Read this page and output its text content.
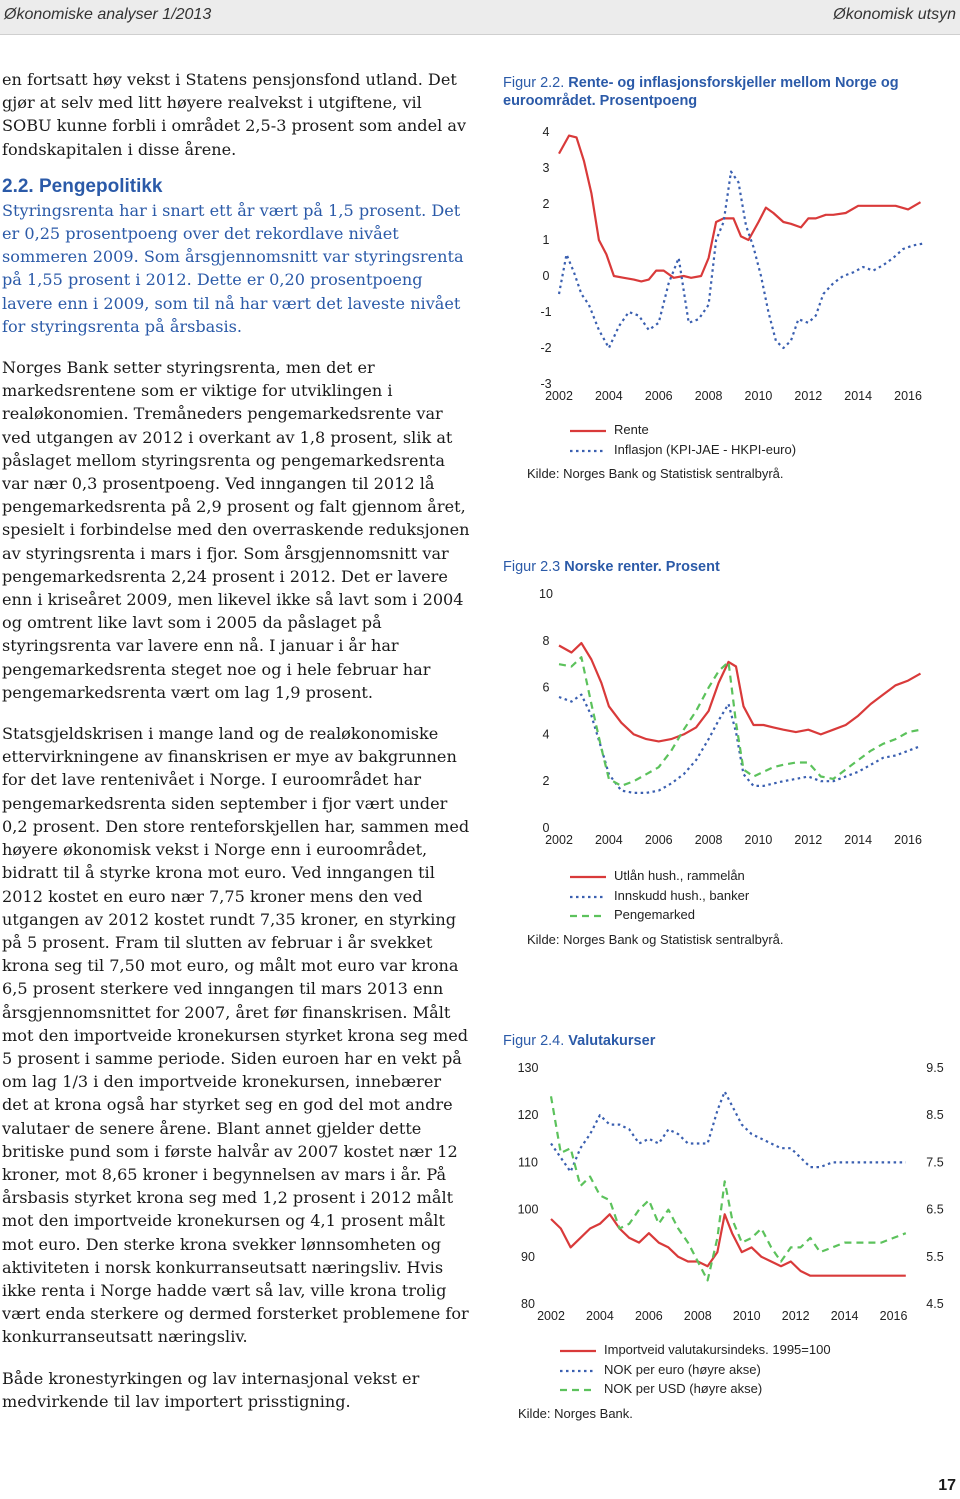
Økonomiske analyser 1/2013	Økonomisk utsyn

en fortsatt høy vekst i Statens pensjonsfond utland. Det gjør at selv med litt høyere realvekst i utgiftene, vil SOBU kunne forbli i området 2,5-3 prosent som andel av fondskapitalen i disse årene.

2.2. Pengepolitikk

Styringsrenta har i snart ett år vært på 1,5 prosent. Det er 0,25 prosentpoeng over det rekordlave nivået sommeren 2009. Som årsgjennomsnitt var styringsrenta på 1,55 prosent i 2012. Dette er 0,20 prosentpoeng lavere enn i 2009, som til nå har vært det laveste nivået for styringsrenta på årsbasis.

Norges Bank setter styringsrenta, men det er markedsrentene som er viktige for utviklingen i realøkonomien. Tremåneders pengemarkedsrente var ved utgangen av 2012 i overkant av 1,8 prosent, slik at påslaget mellom styringsrenta og pengemarkedsrenta var nær 0,3 prosentpoeng. Ved inngangen til 2012 lå pengemarkedsrenta på 2,9 prosent og falt gjennom året, spesielt i forbindelse med den overraskende reduksjonen av styringsrenta i mars i fjor. Som årsgjennomsnitt var pengemarkedsrenta 2,24 prosent i 2012. Det er lavere enn i kriseåret 2009, men likevel ikke så lavt som i 2004 og omtrent like lavt som i 2005 da påslaget på styringsrenta var lavere enn nå. I januar i år har pengemarkedsrenta steget noe og i hele februar har pengemarkedsrenta vært om lag 1,9 prosent.

Statsgjeldskrisen i mange land og de realøkonomiske ettervirkningene av finanskrisen er mye av bakgrunnen for det lave rentenivået i Norge. I euroområdet har pengemarkedsrenta siden september i fjor vært under 0,2 prosent. Den store renteforskjellen har, sammen med høyere økonomisk vekst i Norge enn i euroområdet, bidratt til å styrke krona mot euro. Ved inngangen til 2012 kostet en euro nær 7,75 kroner mens den ved utgangen av 2012 kostet rundt 7,35 kroner, en styrking på 5 prosent. Fram til slutten av februar i år svekket krona seg til 7,50 mot euro, og målt mot euro var krona 6,5 prosent sterkere ved inngangen til mars 2013 enn årsgjennomsnittet for 2007, året før finanskrisen. Målt mot den importveide kronekursen styrket krona seg med 5 prosent i samme periode. Siden euroen har en vekt på om lag 1/3 i den importveide kronekursen, innebærer det at krona også har styrket seg en god del mot andre valutaer de senere årene. Blant annet gjelder dette britiske pund som i første halvår av 2007 kostet nær 12 kroner, mot 8,65 kroner i begynnelsen av mars i år. På årsbasis styrket krona seg med 1,2 prosent i 2012 målt mot den importveide kronekursen og 4,1 prosent målt mot euro. Den sterke krona svekker lønnsomheten og aktiviteten i norsk konkurranseutsatt næringsliv. Hvis ikke renta i Norge hadde vært så lav, ville krona trolig vært enda sterkere og dermed forsterket problemene for konkurranseutsatt næringsliv.

Både kronestyrkingen og lav internasjonal vekst er medvirkende til lav importert prisstigning.

Figur 2.2. Rente- og inflasjonsforskjeller mellom Norge og euroområdet. Prosentpoeng
4
3
2
1
0
-1
-2
-3
2002 2004 2006 2008 2010 2012 2014 2016
Rente
Inflasjon (KPI-JAE - HKPI-euro)
Kilde: Norges Bank og Statistisk sentralbyrå.
Figur 2.3 Norske renter. Prosent
10
8
6
4
2
0
2002 2004 2006 2008 2010 2012 2014 2016
Utlån hush., rammelån
Innskudd hush., banker
Pengemarked
Kilde: Norges Bank og Statistisk sentralbyrå.
Figur 2.4. Valutakurser
130
120
110
100
90
80
9.5
8.5
7.5
6.5
5.5
4.5
2002 2004 2006 2008 2010 2012 2014 2016
Importveid valutakursindeks. 1995=100
NOK per euro (høyre akse)
NOK per USD (høyre akse)
Kilde: Norges Bank.
17
